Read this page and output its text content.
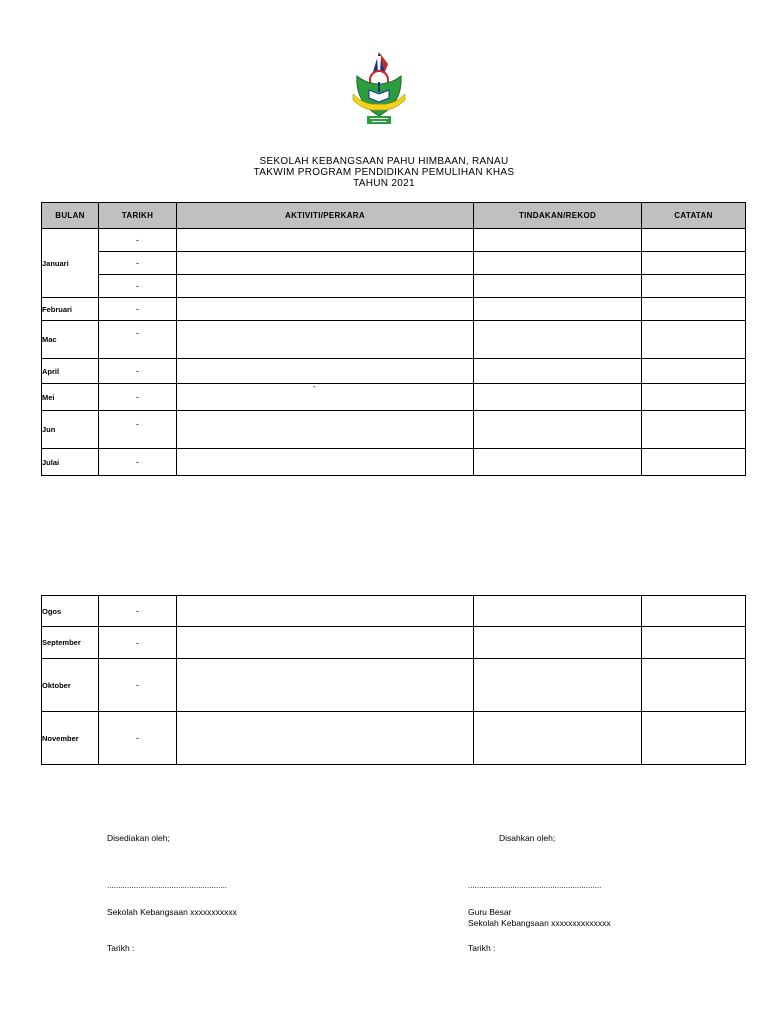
SEKOLAH KEBANGSAAN PAHU HIMBAAN, RANAU
TAKWIM PROGRAM PENDIDIKAN PEMULIHAN KHAS
TAHUN 2021
BULAN	TARIKH	AKTIVITI/PERKARA	TINDAKAN/REKOD	CATATAN
Januari	-			
	-			
	-			
Februari	-			
Mac	-			
April	-			
Mei	-			
Jun	-			
Julai	-			
-
Ogos	-			
September	-			
Oktober	-			
November	-			
Disediakan oleh;	Disahkan oleh;
......................................................	............................................................
Sekolah Kebangsaan xxxxxxxxxxx	Guru Besar
Sekolah Kebangsaan xxxxxxxxxxxxxx
Tarikh :	Tarikh :
